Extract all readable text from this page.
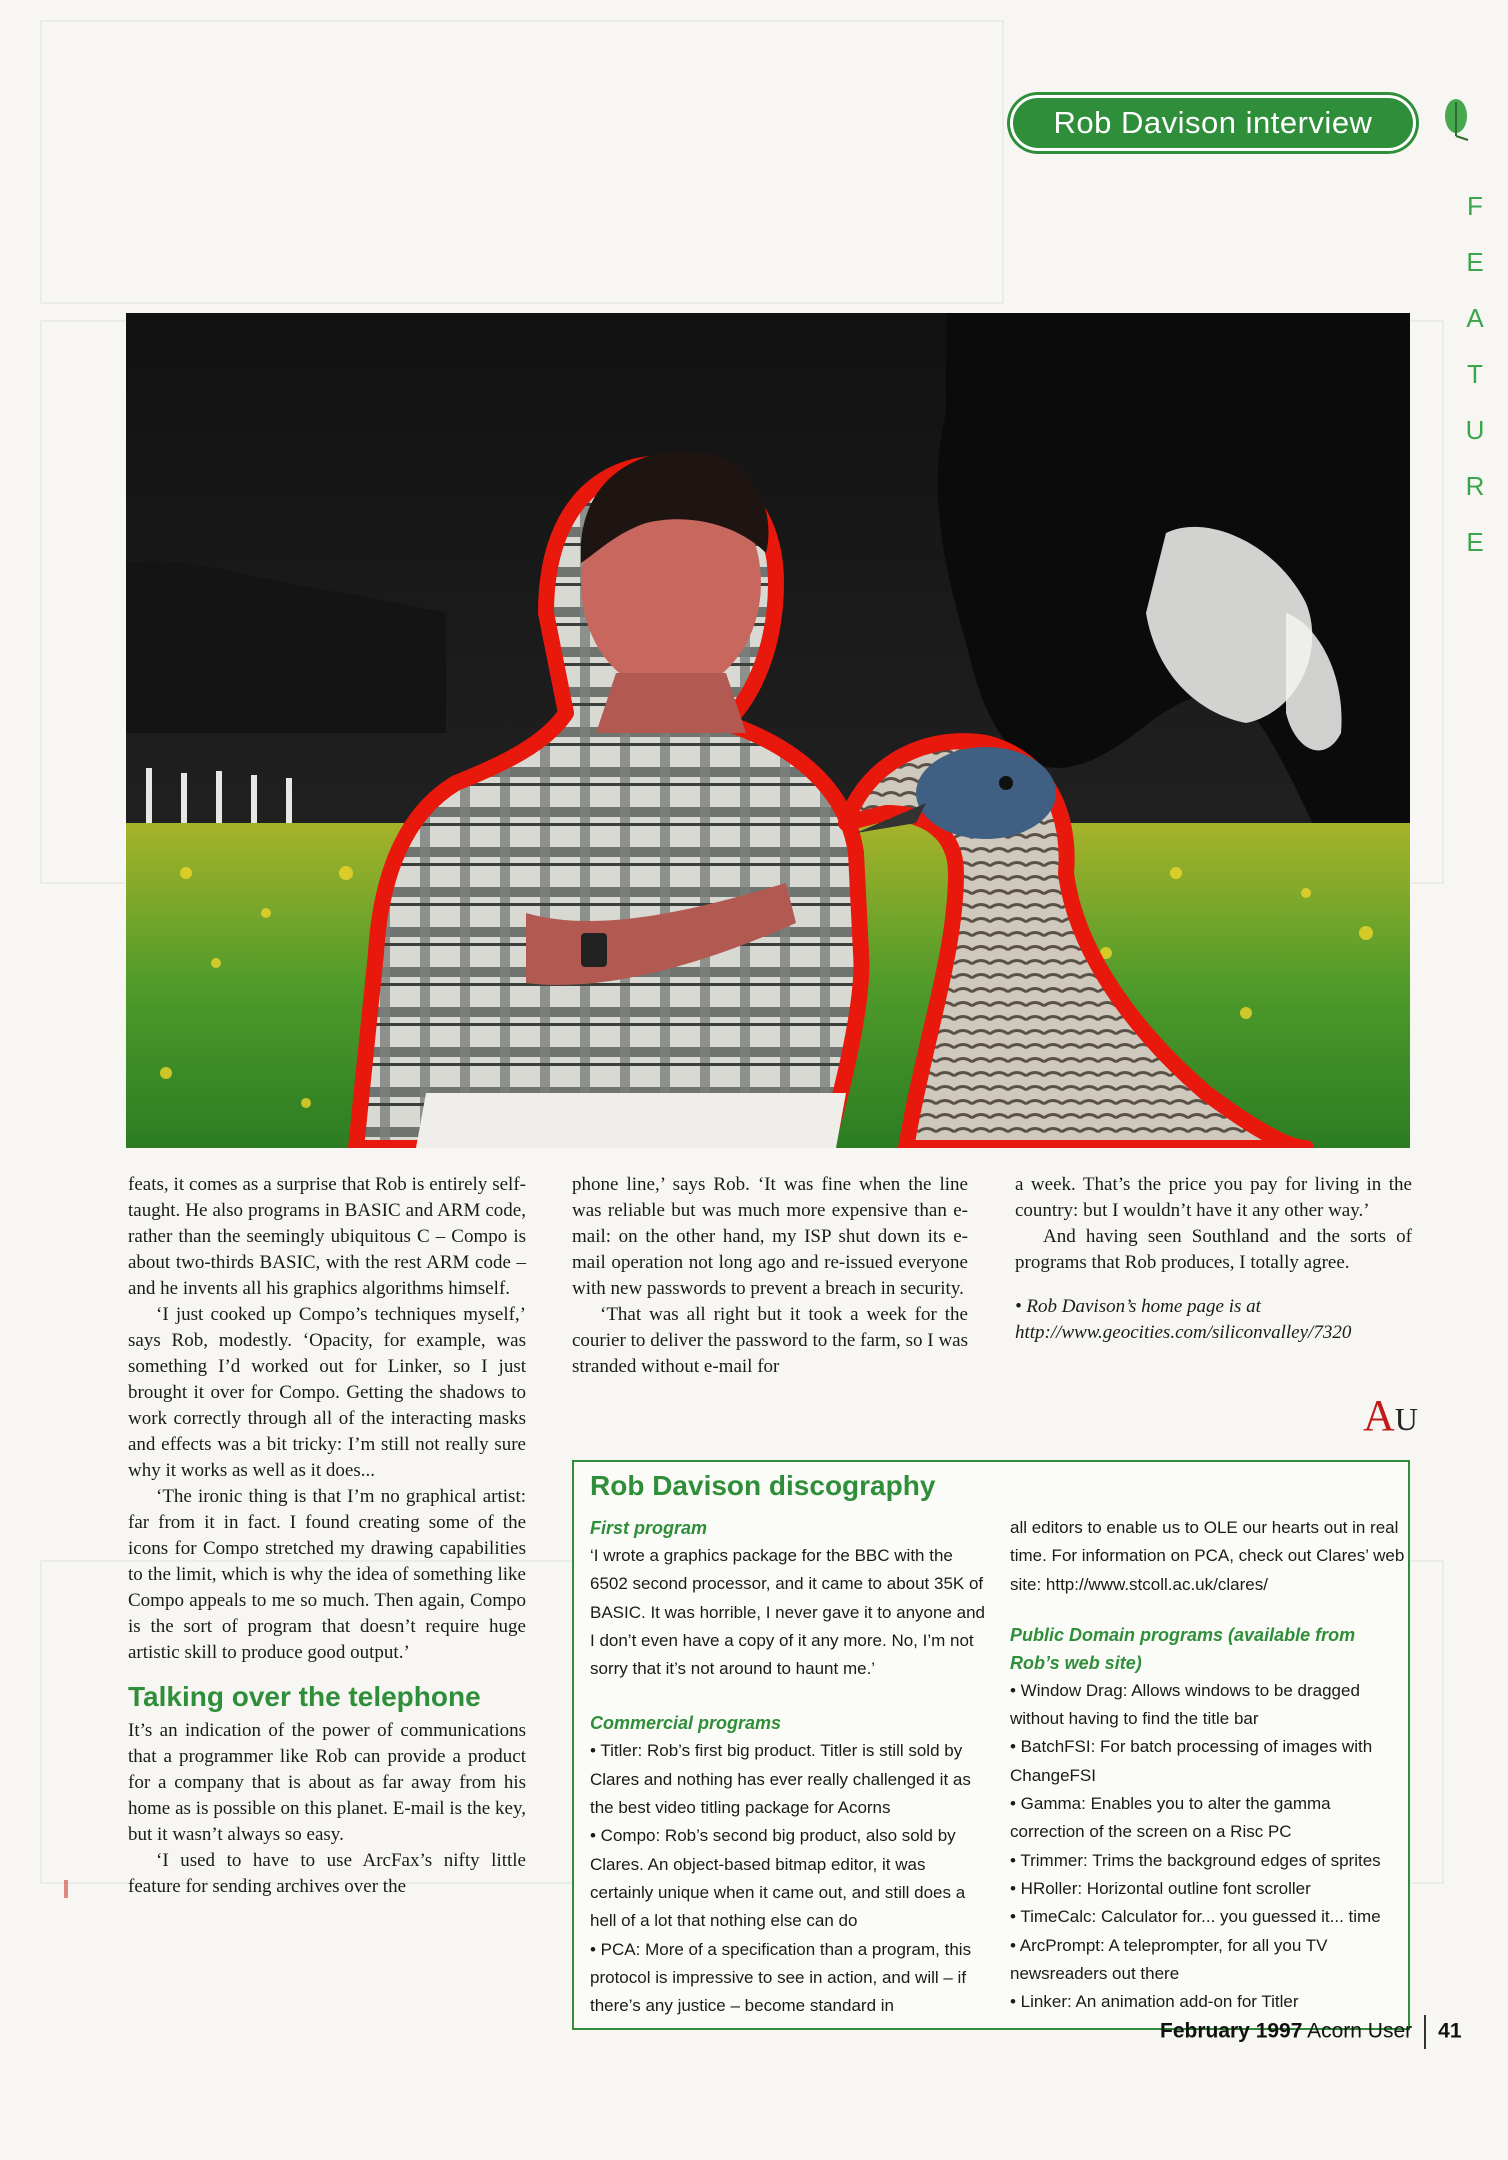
Rob Davison interview
F
E
A
T
U
R
E

feats, it comes as a surprise that Rob is entirely self-taught. He also programs in BASIC and ARM code, rather than the seemingly ubiquitous C – Compo is about two-thirds BASIC, with the rest ARM code – and he invents all his graphics algorithms himself.

‘I just cooked up Compo’s techniques myself,’ says Rob, modestly. ‘Opacity, for example, was something I’d worked out for Linker, so I just brought it over for Compo. Getting the shadows to work correctly through all of the interacting masks and effects was a bit tricky: I’m still not really sure why it works as well as it does...

‘The ironic thing is that I’m no graphical artist: far from it in fact. I found creating some of the icons for Compo stretched my drawing capabilities to the limit, which is why the idea of something like Compo appeals to me so much. Then again, Compo is the sort of program that doesn’t require huge artistic skill to produce good output.’

Talking over the telephone

It’s an indication of the power of communications that a programmer like Rob can provide a product for a company that is about as far away from his home as is possible on this planet. E-mail is the key, but it wasn’t always so easy.

‘I used to have to use ArcFax’s nifty little feature for sending archives over the

phone line,’ says Rob. ‘It was fine when the line was reliable but was much more expensive than e-mail: on the other hand, my ISP shut down its e-mail operation not long ago and re-issued everyone with new passwords to prevent a breach in security.

‘That was all right but it took a week for the courier to deliver the password to the farm, so I was stranded without e-mail for

a week. That’s the price you pay for living in the country: but I wouldn’t have it any other way.’

And having seen Southland and the sorts of programs that Rob produces, I totally agree.

• Rob Davison’s home page is at http://www.geocities.com/siliconvalley/7320

AU
Rob Davison discography
First program

‘I wrote a graphics package for the BBC with the 6502 second processor, and it came to about 35K of BASIC. It was horrible, I never gave it to anyone and I don’t even have a copy of it any more. No, I’m not sorry that it’s not around to haunt me.’

Commercial programs
• Titler: Rob’s first big product. Titler is still sold by Clares and nothing has ever really challenged it as the best video titling package for Acorns
• Compo: Rob’s second big product, also sold by Clares. An object-based bitmap editor, it was certainly unique when it came out, and still does a hell of a lot that nothing else can do
• PCA: More of a specification than a program, this protocol is impressive to see in action, and will – if there’s any justice – become standard in

all editors to enable us to OLE our hearts out in real time. For information on PCA, check out Clares’ web site: http://www.stcoll.ac.uk/clares/

Public Domain programs (available from Rob’s web site)
• Window Drag: Allows windows to be dragged without having to find the title bar
• BatchFSI: For batch processing of images with ChangeFSI
• Gamma: Enables you to alter the gamma correction of the screen on a Risc PC
• Trimmer: Trims the background edges of sprites
• HRoller: Horizontal outline font scroller
• TimeCalc: Calculator for... you guessed it... time
• ArcPrompt: A teleprompter, for all you TV newsreaders out there
• Linker: An animation add-on for Titler
February 1997 Acorn User 41
